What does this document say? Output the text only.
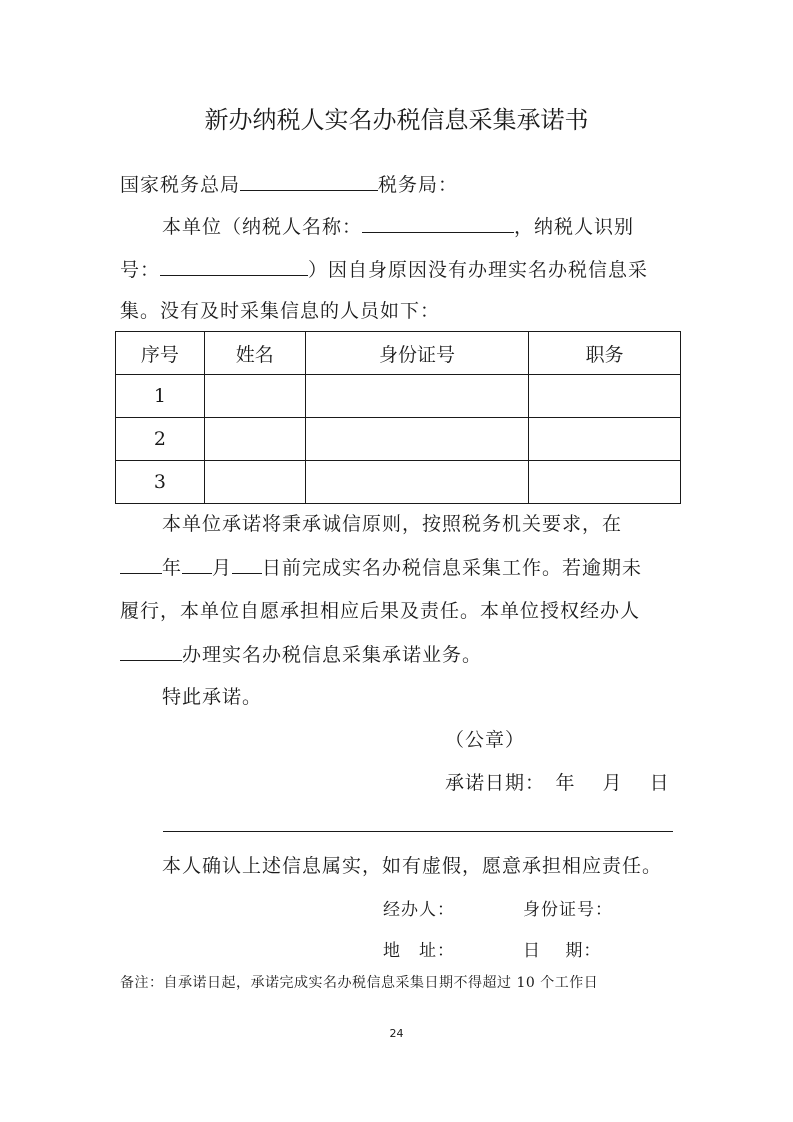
新办纳税人实名办税信息采集承诺书
国家税务总局	税务局：
本单位（纳税人名称：	，纳税人识别
号：	）因自身原因没有办理实名办税信息采
集。没有及时采集信息的人员如下：
序号	姓名	身份证号	职务
1			
2			
3			
本单位承诺将秉承诚信原则，按照税务机关要求，在
年 月 日前完成实名办税信息采集工作。若逾期未
履行，本单位自愿承担相应后果及责任。本单位授权经办人
办理实名办税信息采集承诺业务。
特此承诺。
（公章）
承诺日期：　年　 月　 日
本人确认上述信息属实，如有虚假，愿意承担相应责任。
经办人：	身份证号：
地　址：	日　 期：
备注：自承诺日起，承诺完成实名办税信息采集日期不得超过 10 个工作日
24
